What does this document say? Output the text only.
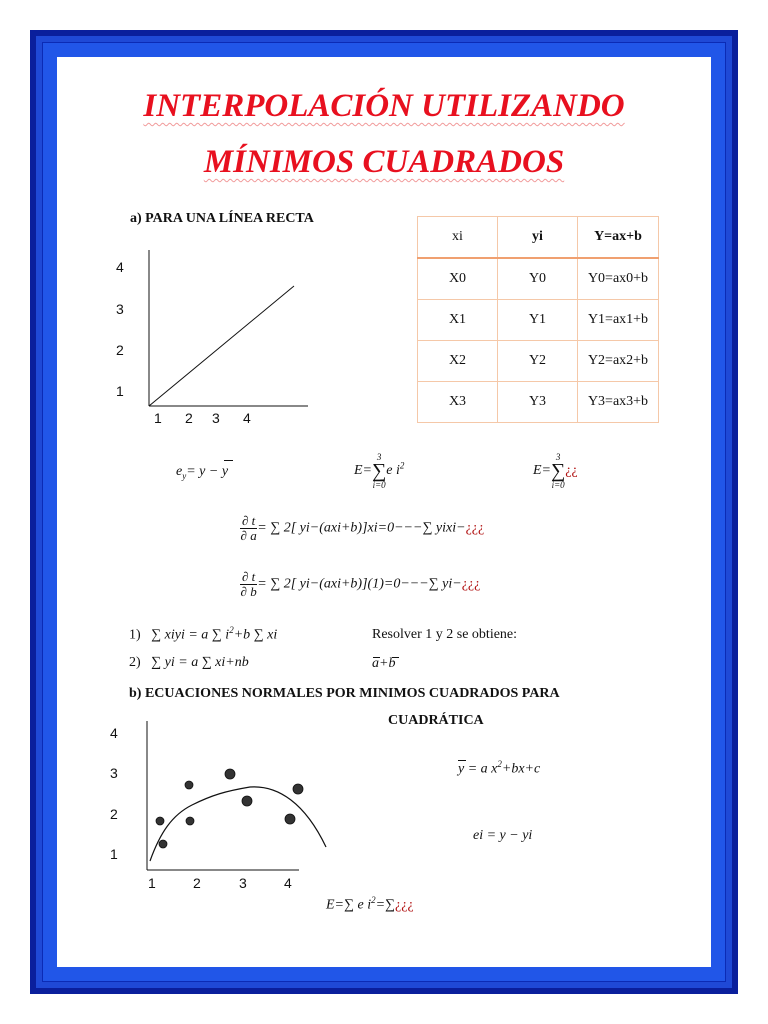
INTERPOLACIÓN UTILIZANDO
MÍNIMOS CUADRADOS
a) PARA UNA LÍNEA RECTA
4
3
2
1
1 2 3 4
xi	yi	Y=ax+b
X0	Y0	Y0=ax0+b
X1	Y1	Y1=ax1+b
X2	Y2	Y2=ax2+b
X3	Y3	Y3=ax3+b
$e_y= y - y$	E=3
∑
i=0e $i^2$	E=3
∑
i=0¿¿
$\frac{\partial t}{\partial a}$ = ∑ 2[ yi−(axi+b)]xi=0−−−∑ yixi−¿¿¿
$\frac{\partial t}{\partial b}$ = ∑ 2[ yi−(axi+b)](1)=0−−−∑ yi−¿¿¿
1) ∑ xiyi = a ∑ $i^2+b$ ∑ xi	Resolver 1 y 2 se obtiene:
2) ∑ yi = a ∑ xi+nb	a+b
b) ECUACIONES NORMALES POR MINIMOS CUADRADOS PARA
CUADRÁTICA
4
3
2
1
1	2	3	4
y = a $x^2+bx+c$
ei = y − yi
E=∑ e $i^2=\sum¿¿¿$
